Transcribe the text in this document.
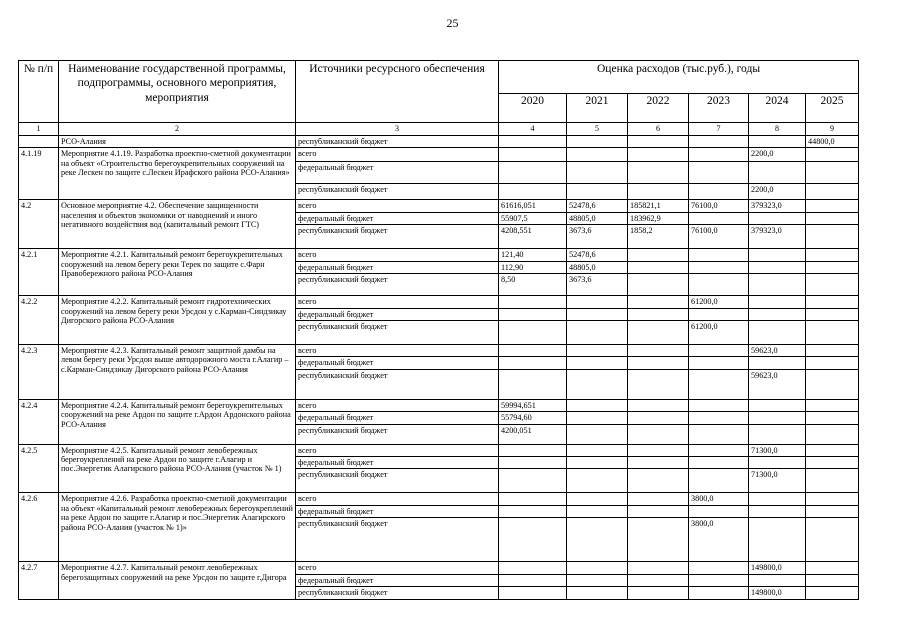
25
№ п/п	Наименование государственной программы, подпрограммы, основного мероприятия, мероприятия	Источники ресурсного обеспечения	Оценка расходов (тыс.руб.), годы					
			2020	2021	2022	2023	2024	2025
1	2	3	4	5	6	7	8	9
	РСО-Алания	республиканский бюджет						44800,0
4.1.19	Мероприятие 4.1.19. Разработка проектно-сметной документации на объект «Строительство берегоукрепительных сооружений на реке Лескен по защите с.Лескен Ирафского района РСО-Алания»	всего					2200,0	
		федеральный бюджет						
		республиканский бюджет					2200,0	
4.2	Основное мероприятие 4.2. Обеспечение защищенности населения и объектов экономики от наводнений и иного негативного воздействия вод (капитальный ремонт ГТС)	всего	61616,051	52478,6	185821,1	76100,0	379323,0	
		федеральный бюджет	55907,5	48805,0	183962,9			
		республиканский бюджет	4208,551	3673,6	1858,2	76100,0	379323,0	
4.2.1	Мероприятие 4.2.1. Капитальный ремонт берегоукрепительных сооружений на левом берегу реки Терек по защите с.Фарн Правобережного района РСО-Алания	всего	121,40	52478,6				
		федеральный бюджет	112,90	48805,0				
		республиканский бюджет	8,50	3673,6				
4.2.2	Мероприятие 4.2.2. Капитальный ремонт гидротехнических сооружений на левом берегу реки Урсдон у с.Карман-Синдзикау Дигорского района РСО-Алания	всего				61200,0		
		федеральный бюджет						
		республиканский бюджет				61200,0		
4.2.3	Мероприятие 4.2.3. Капитальный ремонт защитной дамбы на левом берегу реки Урсдон выше автодорожного моста г.Алагир – с.Карман-Синдзикау Дигорского района РСО-Алания	всего					59623,0	
		федеральный бюджет						
		республиканский бюджет					59623,0	
4.2.4	Мероприятие 4.2.4. Капитальный ремонт берегоукрепительных сооружений на реке Ардон по защите г.Ардон Ардонского района РСО-Алания	всего	59994,651					
		федеральный бюджет	55794,60					
		республиканский бюджет	4200,051					
4.2.5	Мероприятие 4.2.5. Капитальный ремонт левобережных берегоукреплений на реке Ардон по защите г.Алагир и пос.Энергетик Алагирского района РСО-Алания (участок № 1)	всего					71300,0	
		федеральный бюджет						
		республиканский бюджет					71300,0	
4.2.6	Мероприятие 4.2.6. Разработка проектно-сметной документации на объект «Капитальный ремонт левобережных берегоукреплений на реке Ардон по защите г.Алагир и пос.Энергетик Алагирского района РСО-Алания (участок № 1)»	всего				3800,0		
		федеральный бюджет						
		республиканский бюджет				3800,0		
4.2.7	Мероприятие 4.2.7. Капитальный ремонт левобережных берегозащитных сооружений на реке Урсдон по защите г.Дигора	всего					149800,0	
		федеральный бюджет						
		республиканский бюджет					149800,0	
